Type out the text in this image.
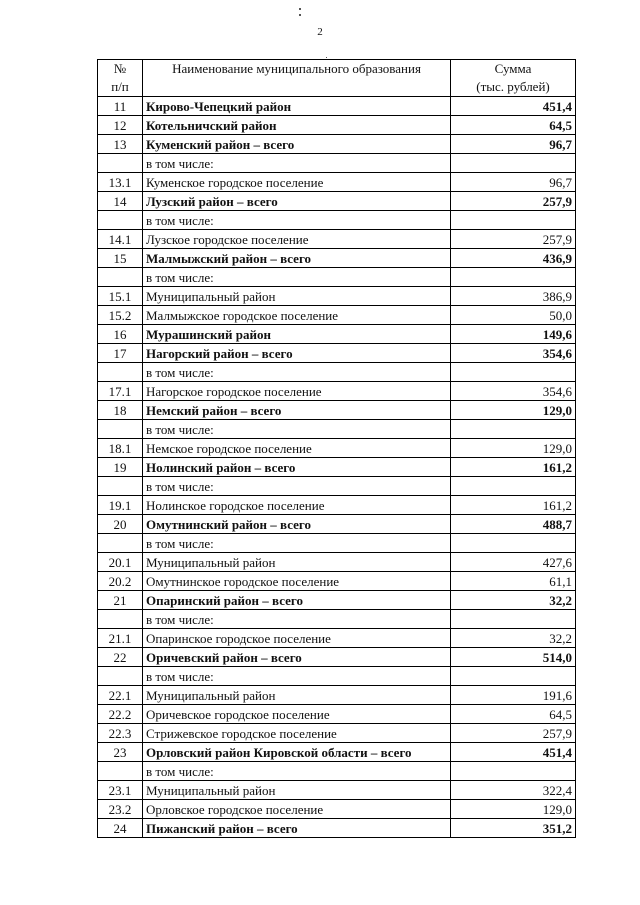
2
№
п/п	Наименование муниципального образования	Сумма
(тыс. рублей)

11	Кирово-Чепецкий район	451,4
12	Котельничский район	64,5
13	Куменский район – всего	96,7
	в том числе:	
13.1	Куменское городское поселение	96,7
14	Лузский район – всего	257,9
	в том числе:	
14.1	Лузское городское поселение	257,9
15	Малмыжский район – всего	436,9
	в том числе:	
15.1	Муниципальный район	386,9
15.2	Малмыжское городское поселение	50,0
16	Мурашинский район	149,6
17	Нагорский район – всего	354,6
	в том числе:	
17.1	Нагорское городское поселение	354,6
18	Немский район – всего	129,0
	в том числе:	
18.1	Немское городское поселение	129,0
19	Нолинский район – всего	161,2
	в том числе:	
19.1	Нолинское городское поселение	161,2
20	Омутнинский район – всего	488,7
	в том числе:	
20.1	Муниципальный район	427,6
20.2	Омутнинское городское поселение	61,1
21	Опаринский район – всего	32,2
	в том числе:	
21.1	Опаринское городское поселение	32,2
22	Оричевский район – всего	514,0
	в том числе:	
22.1	Муниципальный район	191,6
22.2	Оричевское городское поселение	64,5
22.3	Стрижевское городское поселение	257,9
23	Орловский район Кировской области – всего	451,4
	в том числе:	
23.1	Муниципальный район	322,4
23.2	Орловское городское поселение	129,0
24	Пижанский район – всего	351,2
